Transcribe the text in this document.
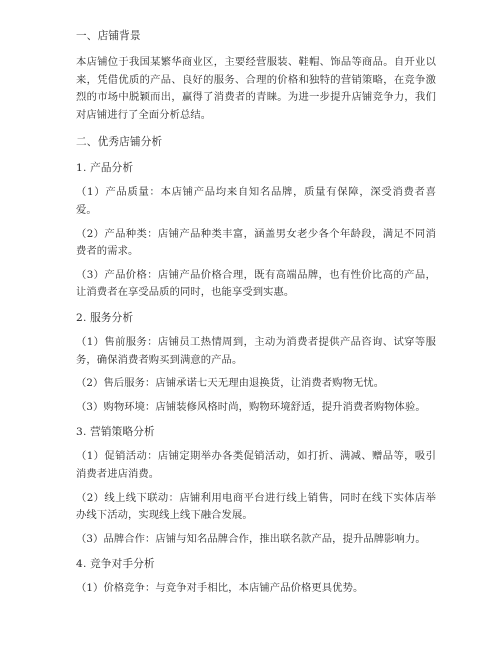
一、店铺背景

本店铺位于我国某繁华商业区，主要经营服装、鞋帽、饰品等商品。自开业以来，凭借优质的产品、良好的服务、合理的价格和独特的营销策略，在竞争激烈的市场中脱颖而出，赢得了消费者的青睐。为进一步提升店铺竞争力，我们对店铺进行了全面分析总结。

二、优秀店铺分析
1. 产品分析

（1）产品质量：本店铺产品均来自知名品牌，质量有保障，深受消费者喜爱。

（2）产品种类：店铺产品种类丰富，涵盖男女老少各个年龄段，满足不同消费者的需求。

（3）产品价格：店铺产品价格合理，既有高端品牌，也有性价比高的产品，让消费者在享受品质的同时，也能享受到实惠。

2. 服务分析

（1）售前服务：店铺员工热情周到，主动为消费者提供产品咨询、试穿等服务，确保消费者购买到满意的产品。

（2）售后服务：店铺承诺七天无理由退换货，让消费者购物无忧。

（3）购物环境：店铺装修风格时尚，购物环境舒适，提升消费者购物体验。

3. 营销策略分析

（1）促销活动：店铺定期举办各类促销活动，如打折、满减、赠品等，吸引消费者进店消费。

（2）线上线下联动：店铺利用电商平台进行线上销售，同时在线下实体店举办线下活动，实现线上线下融合发展。

（3）品牌合作：店铺与知名品牌合作，推出联名款产品，提升品牌影响力。

4. 竞争对手分析

（1）价格竞争：与竞争对手相比，本店铺产品价格更具优势。
